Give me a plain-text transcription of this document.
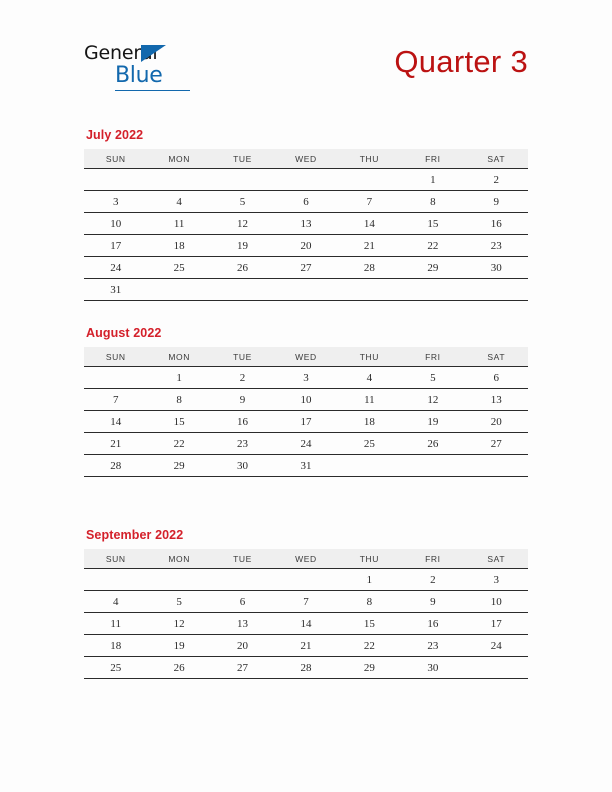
General
Blue	Quarter 3
July 2022
SUN	MON	TUE	WED	THU	FRI	SAT
					1	2
3	4	5	6	7	8	9
10	11	12	13	14	15	16
17	18	19	20	21	22	23
24	25	26	27	28	29	30
31						
August 2022
SUN	MON	TUE	WED	THU	FRI	SAT
	1	2	3	4	5	6
7	8	9	10	11	12	13
14	15	16	17	18	19	20
21	22	23	24	25	26	27
28	29	30	31			
September 2022
SUN	MON	TUE	WED	THU	FRI	SAT
				1	2	3
4	5	6	7	8	9	10
11	12	13	14	15	16	17
18	19	20	21	22	23	24
25	26	27	28	29	30	
